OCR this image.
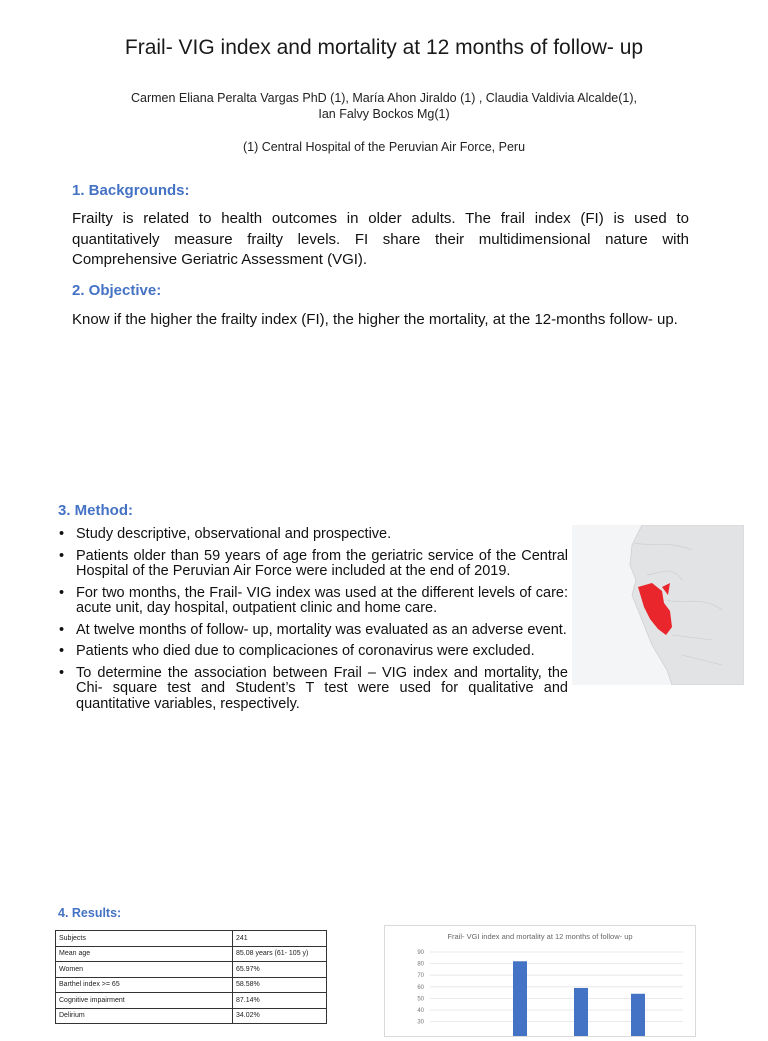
Frail- VIG index and mortality at 12 months of follow- up
Carmen Eliana Peralta Vargas PhD (1), María Ahon Jiraldo (1) , Claudia Valdivia Alcalde(1),
Ian Falvy Bockos Mg(1)
(1) Central Hospital of the Peruvian Air Force, Peru
1. Backgrounds:
Frailty is related to health outcomes in older adults. The frail index (FI) is used to quantitatively measure frailty levels. FI share their multidimensional nature with Comprehensive Geriatric Assessment (VGI).
2. Objective:
Know if the higher the frailty index (FI), the higher the mortality, at the 12-months follow- up.
3. Method:
• Study descriptive, observational and prospective.
• Patients older than 59 years of age from the geriatric service of the Central Hospital of the Peruvian Air Force were included at the end of 2019.
• For two months, the Frail- VIG index was used at the different levels of care: acute unit, day hospital, outpatient clinic and home care.
• At twelve months of follow- up, mortality was evaluated as an adverse event.
• Patients who died due to complicaciones of coronavirus were excluded.
• To determine the association between Frail – VIG index and mortality, the Chi- square test and Student’s T test were used for qualitative and quantitative variables, respectively.
4. Results:
Subjects	241
Mean age	85.08 years (61- 105 y)
Women	65.97%
Barthel index >= 65	58.58%
Cognitive impairment	87.14%
Delirium	34.02%
Frail- VGI index and mortality at 12 months of follow- up
90
80
70
60
50
40
30
